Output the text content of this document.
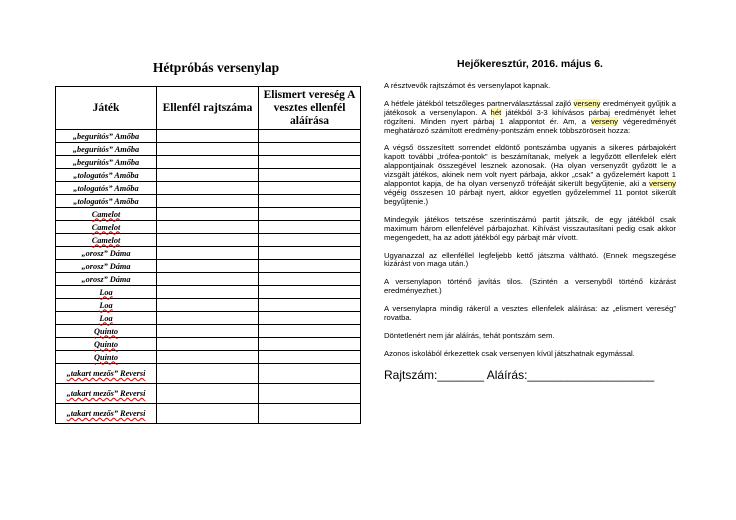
Hétpróbás versenylap
Játék	Ellenfél rajtszáma	Elismert vereség A vesztes ellenfél aláírása
„begurítós” Amőba		
„begurítós” Amőba		
„begurítós” Amőba		
„tologatós” Amőba		
„tologatós” Amőba		
„tologatós” Amőba		
Camelot		
Camelot		
Camelot		
„orosz” Dáma		
„orosz” Dáma		
„orosz” Dáma		
Loa		
Loa		
Loa		
Quinto		
Quinto		
Quinto		
„takart mezős” Reversi		
„takart mezős” Reversi		
„takart mezős” Reversi		
Hejőkeresztúr, 2016. május 6.

A résztvevők rajtszámot és versenylapot kapnak.

A hétfele játékból tetszőleges partnerválasztással zajló verseny eredményeit gyűjtik a játékosok a versenylapon. A hét játékból 3-3 kihívásos párbaj eredményét lehet rögzíteni. Minden nyert párbaj 1 alappontot ér. Am, a verseny végeredményét meghatározó számított eredmény-pontszám ennek többszöröseit hozza:

A végső összesített sorrendet eldöntő pontszámba ugyanis a sikeres párbajokért kapott további „trófea-pontok” is beszámítanak, melyek a legyőzött ellenfelek elért alappontjainak összegével lesznek azonosak. (Ha olyan versenyzőt győzött le a vizsgált játékos, akinek nem volt nyert párbaja, akkor „csak” a győzelemért kapott 1 alappontot kapja, de ha olyan versenyző trófeáját sikerült begyűjtenie, aki a verseny végéig összesen 10 párbajt nyert, akkor egyetlen győzelemmel 11 pontot sikerült begyűjtenie.)

Mindegyik játékos tetszése szerintiszámú partit játszik, de egy játékból csak maximum három ellenfelével párbajozhat. Kihívást visszautasítani pedig csak akkor megengedett, ha az adott játékból egy párbajt már vívott.

Ugyanazzal az ellenféllel legfeljebb kettő játszma váltható. (Ennek megszegése kizárást von maga után.)

A versenylapon történő javítás tilos. (Szintén a versenyből történő kizárást eredményezhet.)

A versenylapra mindig rákerül a vesztes ellenfelek aláírása: az „elismert vereség” rovatba.

Döntetlenért nem jár aláírás, tehát pontszám sem.

Azonos iskolából érkezettek csak versenyen kívül játszhatnak egymással.

Rajtszám:_______ Aláírás:___________________
